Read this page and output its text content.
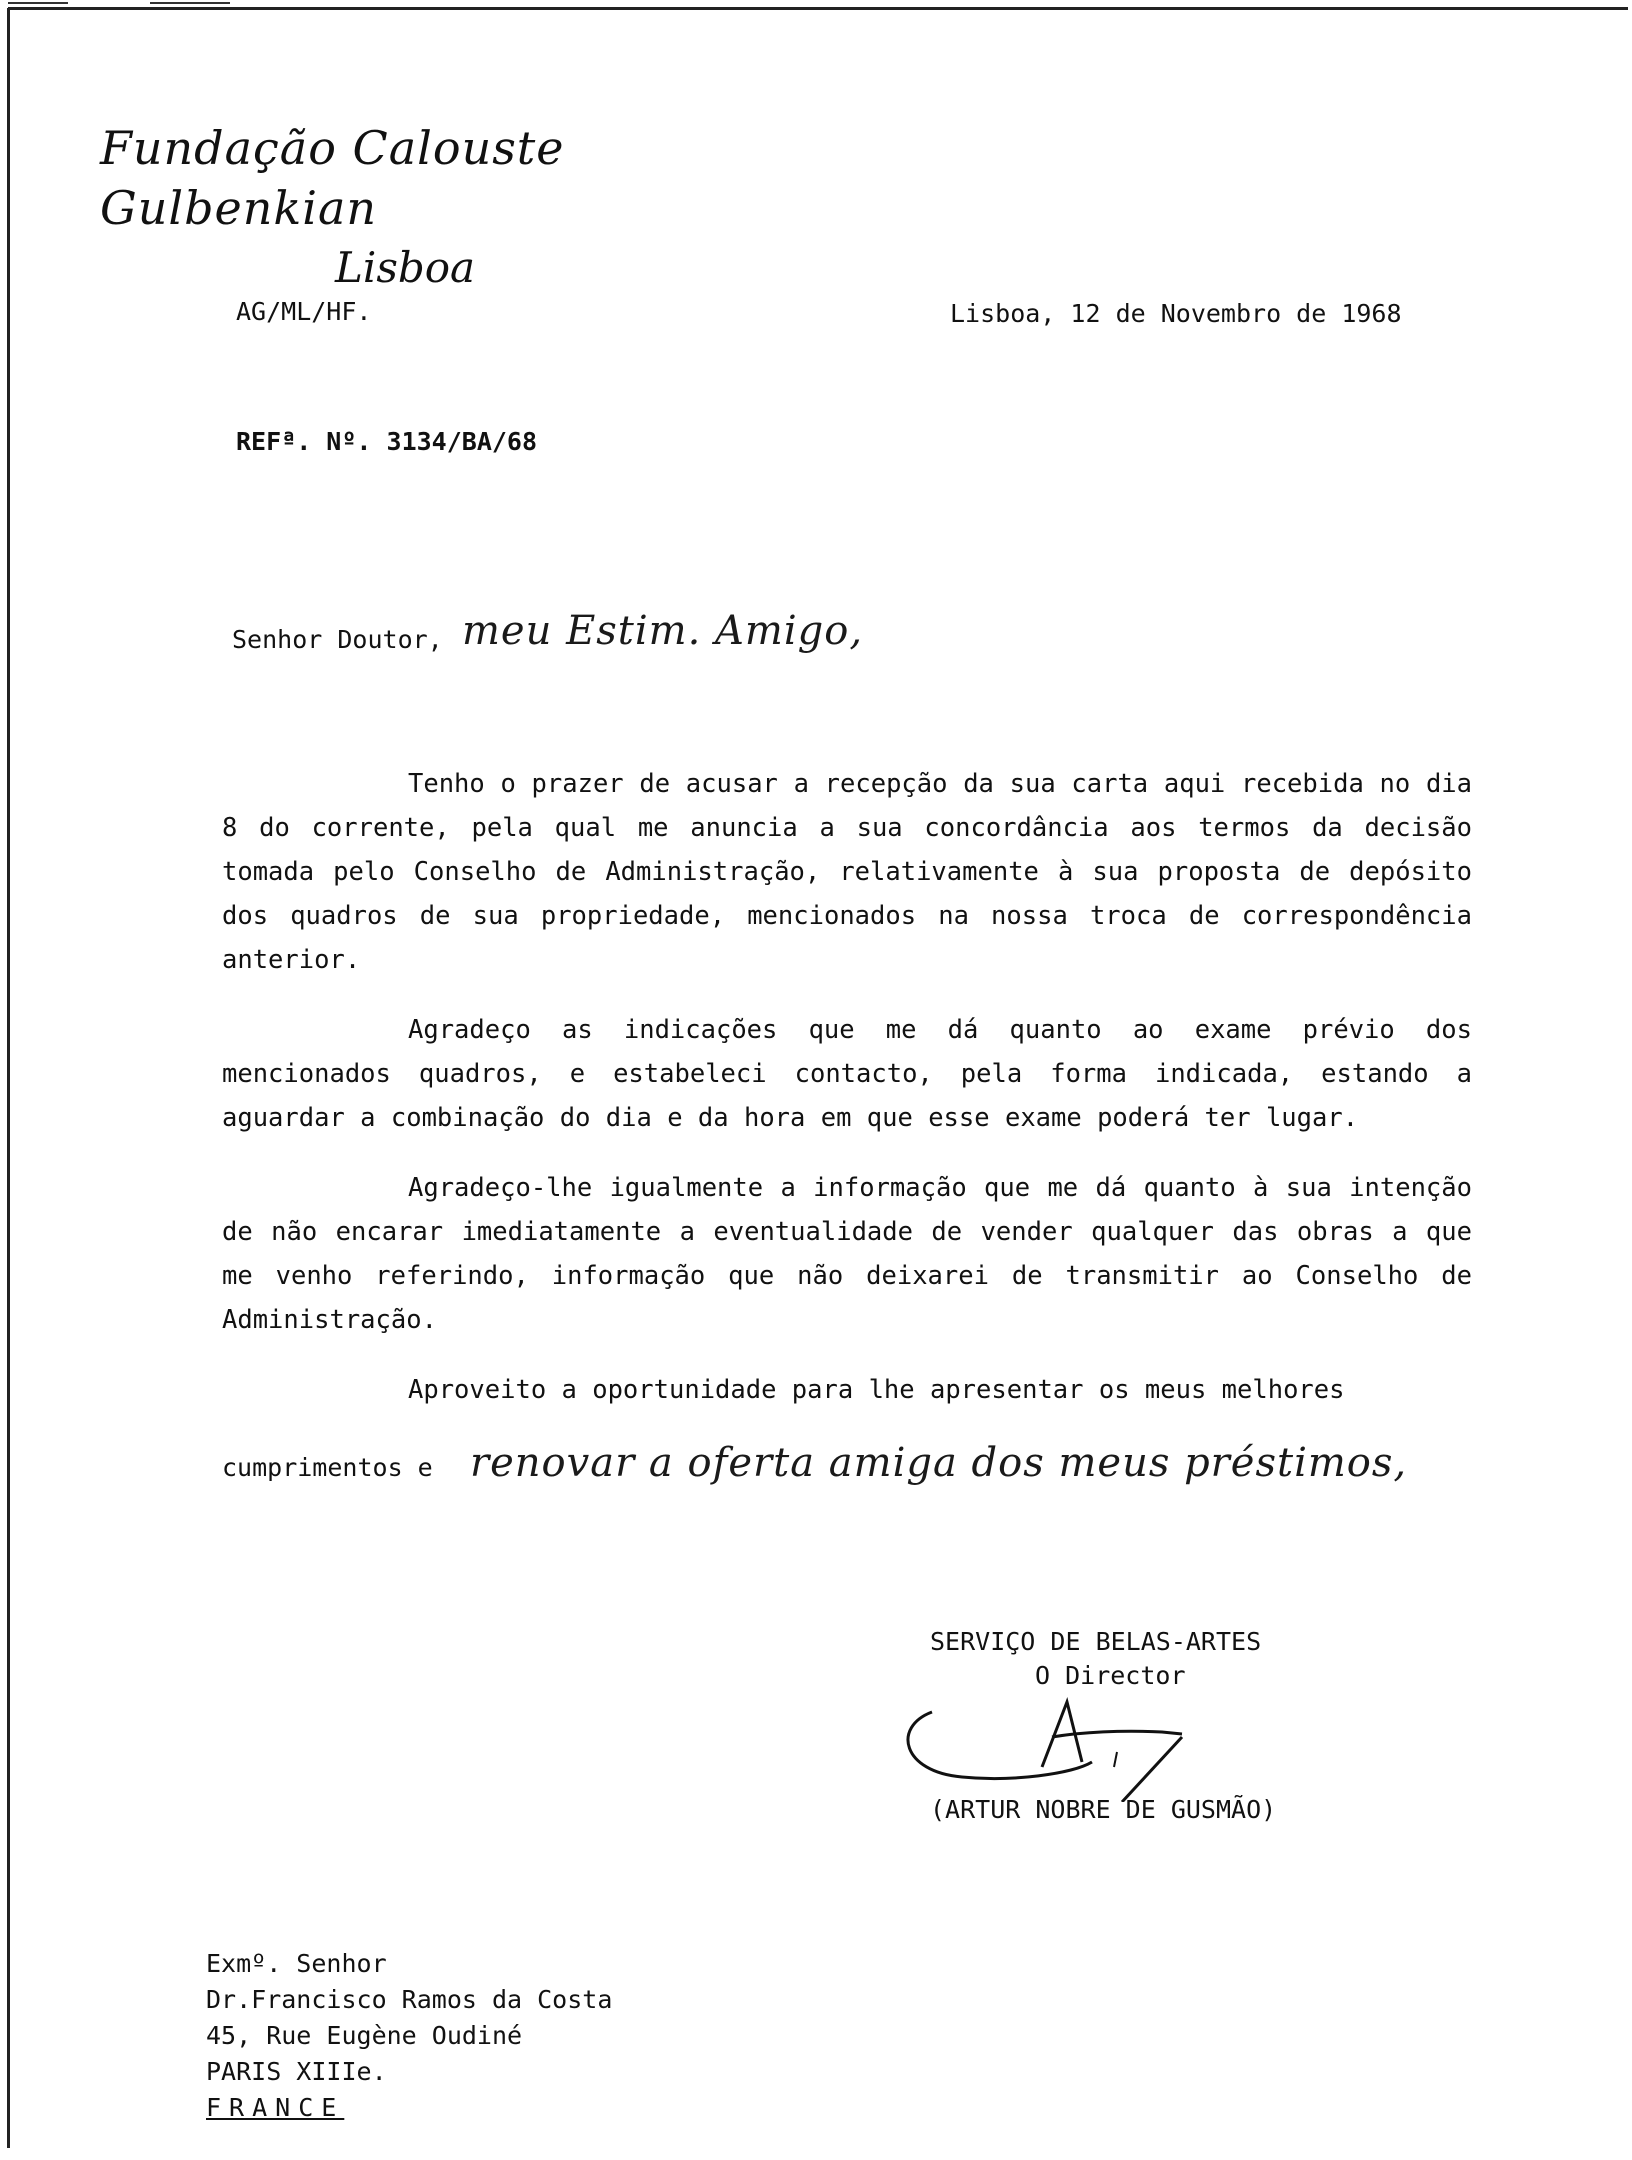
Fundação Calouste Gulbenkian
Lisboa
AG/ML/HF.	Lisboa, 12 de Novembro de 1968
REFª. Nº. 3134/BA/68
Senhor Doutor, meu Estim. Amigo,

Tenho o prazer de acusar a recepção da sua carta aqui recebida no dia 8 do corrente, pela qual me anuncia a sua concordância aos termos da decisão tomada pelo Conselho de Administração, relativamente à sua proposta de depósito dos quadros de sua propriedade, mencionados na nossa troca de correspondência anterior.

Agradeço as indicações que me dá quanto ao exame prévio dos mencionados quadros, e estabeleci contacto, pela forma indicada, estando a aguardar a combinação do dia e da hora em que esse exame poderá ter lugar.

Agradeço-lhe igualmente a informação que me dá quanto à sua intenção de não encarar imediatamente a eventualidade de vender qualquer das obras a que me venho referindo, informação que não deixarei de transmitir ao Conselho de Administração.

Aproveito a oportunidade para lhe apresentar os meus melhores

cumprimentos e renovar a oferta amiga dos meus préstimos,
SERVIÇO DE BELAS-ARTES
O Director
(ARTUR NOBRE DE GUSMÃO)
Exmº. Senhor
Dr.Francisco Ramos da Costa
45, Rue Eugène Oudiné
PARIS XIIIe.
FRANCE
